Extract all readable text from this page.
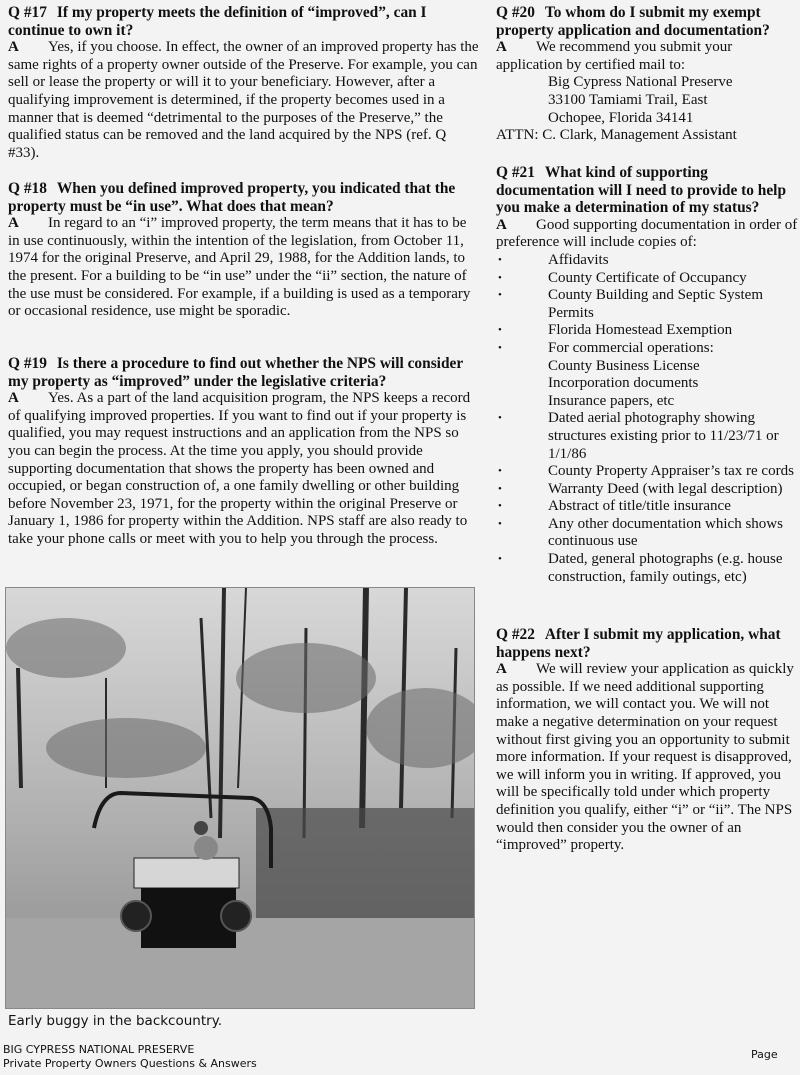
Q #17 If my property meets the definition of “improved”, can I continue to own it?

A Yes, if you choose. In effect, the owner of an improved property has the same rights of a property owner outside of the Preserve. For example, you can sell or lease the property or will it to your beneficiary. However, after a qualifying improvement is determined, if the property becomes used in a manner that is deemed “detrimental to the purposes of the Preserve,” the qualified status can be removed and the land acquired by the NPS (ref. Q #33).

Q #18 When you defined improved property, you indicated that the property must be “in use”. What does that mean?

A In regard to an “i” improved property, the term means that it has to be in use continuously, within the intention of the legislation, from October 11, 1974 for the original Preserve, and April 29, 1988, for the Addition lands, to the present. For a building to be “in use” under the “ii” section, the nature of the use must be considered. For example, if a building is used as a temporary or occasional residence, use might be sporadic.

Q #19 Is there a procedure to find out whether the NPS will consider my property as “improved” under the legislative criteria?

A Yes. As a part of the land acquisition program, the NPS keeps a record of qualifying improved properties. If you want to find out if your property is qualified, you may request instructions and an application from the NPS so you can begin the process. At the time you apply, you should provide supporting documentation that shows the property has been owned and occupied, or began construction of, a one family dwelling or other building before November 23, 1971, for the property within the original Preserve or January 1, 1986 for property within the Addition. NPS staff are also ready to take your phone calls or meet with you to help you through the process.

Early buggy in the backcountry.

Q #20 To whom do I submit my exempt property application and documentation?

A We recommend you submit your application by certified mail to:

Big Cypress National Preserve
33100 Tamiami Trail, East
Ochopee, Florida 34141
ATTN: C. Clark, Management Assistant

Q #21 What kind of supporting documentation will I need to provide to help you make a determination of my status?

A Good supporting documentation in order of preference will include copies of:

•	Affidavits
•	County Certificate of Occupancy
•	County Building and Septic System Permits
•	Florida Homestead Exemption
•	For commercial operations:
County Business License
Incorporation documents
Insurance papers, etc
•	Dated aerial photography showing structures existing prior to 11/23/71 or 1/1/86
•	County Property Appraiser’s tax re cords
•	Warranty Deed (with legal description)
•	Abstract of title/title insurance
•	Any other documentation which shows continuous use
•	Dated, general photographs (e.g. house construction, family outings, etc)

Q #22 After I submit my application, what happens next?

A We will review your application as quickly as possible. If we need additional supporting information, we will contact you. We will not make a negative determination on your request without first giving you an opportunity to submit more information. If your request is disapproved, we will inform you in writing. If approved, you will be specifically told under which property definition you qualify, either “i” or “ii”. The NPS would then consider you the owner of an “improved” property.

BIG CYPRESS NATIONAL PRESERVE
Private Property Owners Questions & Answers
Page
